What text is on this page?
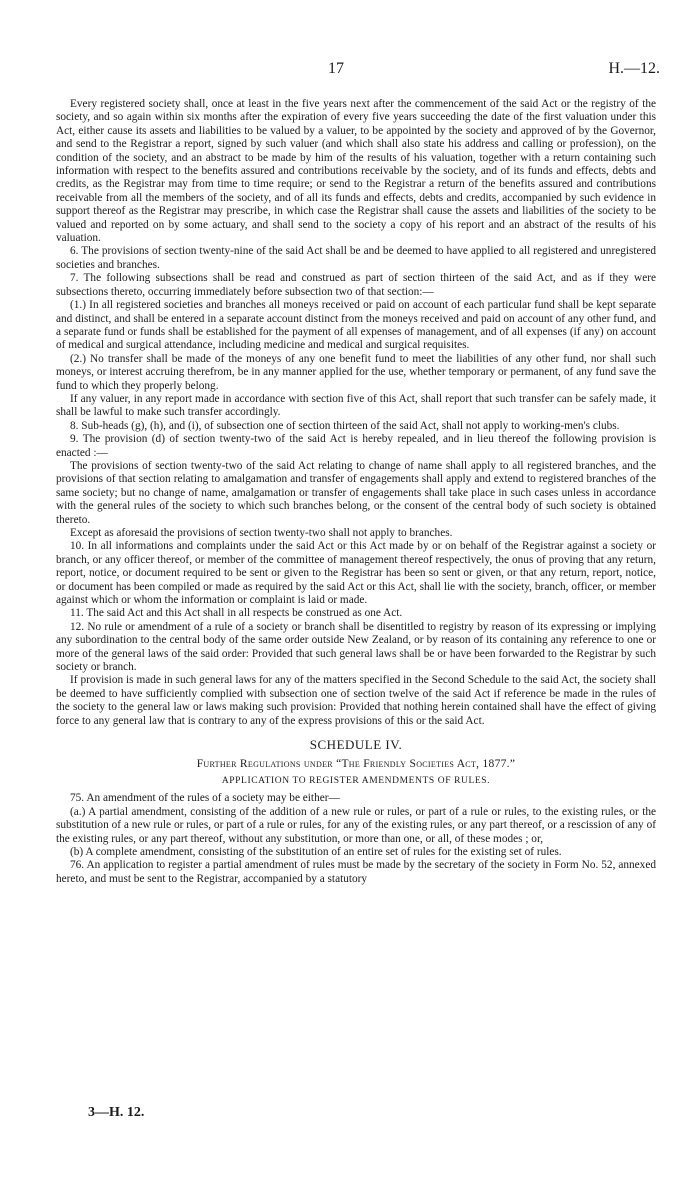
17	H.—12.

Every registered society shall, once at least in the five years next after the commencement of the said Act or the registry of the society, and so again within six months after the expiration of every five years succeeding the date of the first valuation under this Act, either cause its assets and liabilities to be valued by a valuer, to be appointed by the society and approved of by the Governor, and send to the Registrar a report, signed by such valuer (and which shall also state his address and calling or profession), on the condition of the society, and an abstract to be made by him of the results of his valuation, together with a return containing such information with respect to the benefits assured and contributions receivable by the society, and of its funds and effects, debts and credits, as the Registrar may from time to time require; or send to the Registrar a return of the benefits assured and contributions receivable from all the members of the society, and of all its funds and effects, debts and credits, accompanied by such evidence in support thereof as the Registrar may prescribe, in which case the Registrar shall cause the assets and liabilities of the society to be valued and reported on by some actuary, and shall send to the society a copy of his report and an abstract of the results of his valuation.

6. The provisions of section twenty-nine of the said Act shall be and be deemed to have applied to all registered and unregistered societies and branches.

7. The following subsections shall be read and construed as part of section thirteen of the said Act, and as if they were subsections thereto, occurring immediately before subsection two of that section:—

(1.) In all registered societies and branches all moneys received or paid on account of each particular fund shall be kept separate and distinct, and shall be entered in a separate account distinct from the moneys received and paid on account of any other fund, and a separate fund or funds shall be established for the payment of all expenses of management, and of all expenses (if any) on account of medical and surgical attendance, including medicine and medical and surgical requisites.

(2.) No transfer shall be made of the moneys of any one benefit fund to meet the liabilities of any other fund, nor shall such moneys, or interest accruing therefrom, be in any manner applied for the use, whether temporary or permanent, of any fund save the fund to which they properly belong.

If any valuer, in any report made in accordance with section five of this Act, shall report that such transfer can be safely made, it shall be lawful to make such transfer accordingly.

8. Sub-heads (g), (h), and (i), of subsection one of section thirteen of the said Act, shall not apply to working-men's clubs.

9. The provision (d) of section twenty-two of the said Act is hereby repealed, and in lieu thereof the following provision is enacted :—

The provisions of section twenty-two of the said Act relating to change of name shall apply to all registered branches, and the provisions of that section relating to amalgamation and transfer of engagements shall apply and extend to registered branches of the same society; but no change of name, amalgamation or transfer of engagements shall take place in such cases unless in accordance with the general rules of the society to which such branches belong, or the consent of the central body of such society is obtained thereto.

Except as aforesaid the provisions of section twenty-two shall not apply to branches.

10. In all informations and complaints under the said Act or this Act made by or on behalf of the Registrar against a society or branch, or any officer thereof, or member of the committee of management thereof respectively, the onus of proving that any return, report, notice, or document required to be sent or given to the Registrar has been so sent or given, or that any return, report, notice, or document has been compiled or made as required by the said Act or this Act, shall lie with the society, branch, officer, or member against which or whom the information or complaint is laid or made.

11. The said Act and this Act shall in all respects be construed as one Act.

12. No rule or amendment of a rule of a society or branch shall be disentitled to registry by reason of its expressing or implying any subordination to the central body of the same order outside New Zealand, or by reason of its containing any reference to one or more of the general laws of the said order: Provided that such general laws shall be or have been forwarded to the Registrar by such society or branch.

If provision is made in such general laws for any of the matters specified in the Second Schedule to the said Act, the society shall be deemed to have sufficiently complied with subsection one of section twelve of the said Act if reference be made in the rules of the society to the general law or laws making such provision: Provided that nothing herein contained shall have the effect of giving force to any general law that is contrary to any of the express provisions of this or the said Act.

SCHEDULE IV.
Further Regulations under “The Friendly Societies Act, 1877.”
APPLICATION TO REGISTER AMENDMENTS OF RULES.

75. An amendment of the rules of a society may be either—

(a.) A partial amendment, consisting of the addition of a new rule or rules, or part of a rule or rules, to the existing rules, or the substitution of a new rule or rules, or part of a rule or rules, for any of the existing rules, or any part thereof, or a rescission of any of the existing rules, or any part thereof, without any substitution, or more than one, or all, of these modes ; or,

(b) A complete amendment, consisting of the substitution of an entire set of rules for the existing set of rules.

76. An application to register a partial amendment of rules must be made by the secretary of the society in Form No. 52, annexed hereto, and must be sent to the Registrar, accompanied by a statutory

3—H. 12.
